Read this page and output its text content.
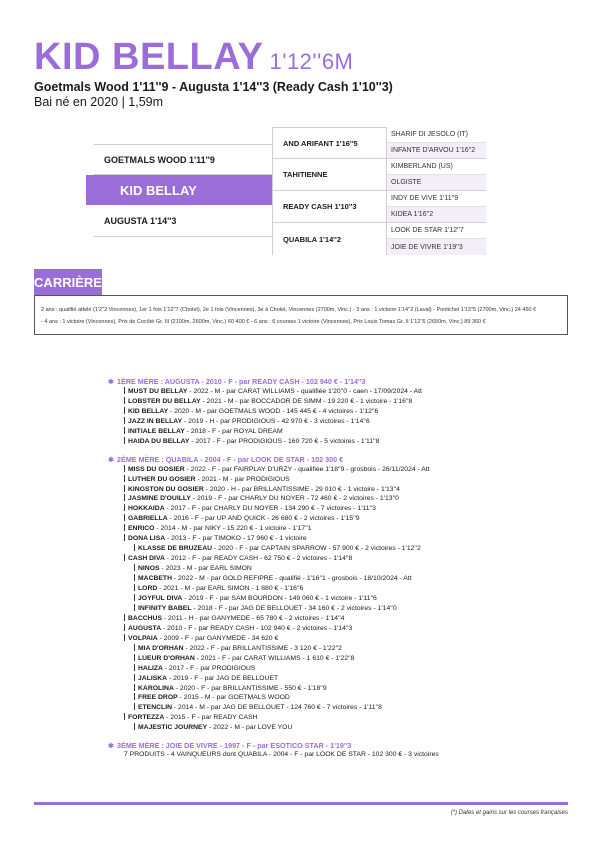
KID BELLAY 1'12''6M
Goetmals Wood 1'11''9 - Augusta 1'14''3 (Ready Cash 1'10''3)
Bai né en 2020 | 1,59m
GOETMALS WOOD 1'11''9
AUGUSTA 1'14''3
AND ARIFANT 1'16''5
TAHITIENNE
READY CASH 1'10''3
QUABILA 1'14''2
SHARIF DI JESOLO (IT)
INFANTE D'ARVOU 1'16''2
KIMBERLAND (US)
OLGISTE
INDY DE VIVE 1'11''9
KIDEA 1'16''2
LOOK DE STAR 1'12''7
JOIE DE VIVRE 1'19''3
KID BELLAY
CARRIÈRE
2 ans : qualifié attelé (1'2''2 Vincennes), 1er 1 fois 1'12''7 (Cholet), 2e 1 fois (Vincennes), 3e à Cholet, Vincennes (2700m, Vinc.) - 3 ans : 1 victoire 1'14''2 (Laval) - Pontichel 1'13''5 (2700m, Vinc.) 24 450 €
- 4 ans : 1 victoire (Vincennes), Prix de Cocôté Gr. III (2100m, 2600m, Vinc.) 60 400 € - 6 ans : 6 courses 1 victoire (Vincennes), Prix Louis Tomas Gr. II 1'12''6 (2650m, Vinc.) 89 360 €
✱ 1ÈRE MÈRE : AUGUSTA - 2010 - F - par READY CASH - 102 940 € - 1'14''3
MUST DU BELLAY - 2022 - M - par CARAT WILLIAMS - qualifiée 1'20''0 - caen - 17/09/2024 - Att
LOBSTER DU BELLAY - 2021 - M - par BOCCADOR DE SIMM - 19 220 € - 1 victoire - 1'16''8
KID BELLAY - 2020 - M - par GOETMALS WOOD - 145 445 € - 4 victoires - 1'12''6
JAZZ IN BELLAY - 2019 - H - par PRODIGIOUS - 42 970 € - 3 victoires - 1'14''6
INITIALE BELLAY - 2018 - F - par ROYAL DREAM
HAIDA DU BELLAY - 2017 - F - par PRODIGIOUS - 160 720 € - 5 victoires - 1'11''8
✱ 2ÈME MÈRE : QUABILA - 2004 - F - par LOOK DE STAR - 102 300 €
MISS DU GOSIER - 2022 - F - par FAIRPLAY D'URZY - qualifiée 1'18''9 - grosbois - 26/11/2024 - Att
LUTHER DU GOSIER - 2021 - M - par PRODIGIOUS
KINGSTON DU GOSIER - 2020 - H - par BRILLANTISSIME - 29 010 € - 1 victoire - 1'13''4
JASMINE D'OUILLY - 2019 - F - par CHARLY DU NOYER - 72 460 € - 2 victoires - 1'13''0
HOKKAIDA - 2017 - F - par CHARLY DU NOYER - 134 290 € - 7 victoires - 1'11''3
GABRIELLA - 2016 - F - par UP AND QUICK - 26 680 € - 2 victoires - 1'15''9
ENRICO - 2014 - M - par NIKY - 15 220 € - 1 victoire - 1'17''1
DONA LISA - 2013 - F - par TIMOKO - 17 960 € - 1 victoire
KLASSE DE BRUZEAU - 2020 - F - par CAPTAIN SPARROW - 57 900 € - 2 victoires - 1'12''2
CASH DIVA - 2012 - F - par READY CASH - 62 750 € - 2 victoires - 1'14''8
NINOS - 2023 - M - par EARL SIMON
MACBETH - 2022 - M - par GOLD REFIPRE - qualifié - 1'16''1 - grosbois - 18/10/2024 - Att
LORD - 2021 - M - par EARL SIMON - 1 880 € - 1'16''6
JOYFUL DIVA - 2019 - F - par SAM BOURDON - 149 060 € - 1 victoire - 1'11''6
INFINITY BABEL - 2018 - F - par JAG DE BELLOUET - 34 160 € - 2 victoires - 1'14''0
BACCHUS - 2011 - H - par GANYMEDE - 65 780 € - 2 victoires - 1'14''4
AUGUSTA - 2010 - F - par READY CASH - 102 940 € - 2 victoires - 1'14''3
VOLPAIA - 2009 - F - par GANYMEDE - 34 620 €
MIA D'ORHAN - 2022 - F - par BRILLANTISSIME - 3 120 € - 1'22''2
LUEUR D'ORHAN - 2021 - F - par CARAT WILLIAMS - 1 610 € - 1'22''8
HALIZA - 2017 - F - par PRODIGIOUS
JALISKA - 2019 - F - par JAG DE BELLOUET
KAROLINA - 2020 - F - par BRILLANTISSIME - 550 € - 1'18''9
FREE DROP - 2015 - M - par GOETMALS WOOD
ETENCLIN - 2014 - M - par JAG DE BELLOUET - 124 760 € - 7 victoires - 1'11''8
FORTEZZA - 2015 - F - par READY CASH
MAJESTIC JOURNEY - 2022 - M - par LOVE YOU
✱ 3ÈME MÈRE : JOIE DE VIVRE - 1997 - F - par ESOTICO STAR - 1'19''3
7 PRODUITS - 4 VAINQUEURS dont QUABILA - 2004 - F - par LOOK DE STAR - 102 300 € - 3 victoires
(*) Dates et gains sur les courses françaises
